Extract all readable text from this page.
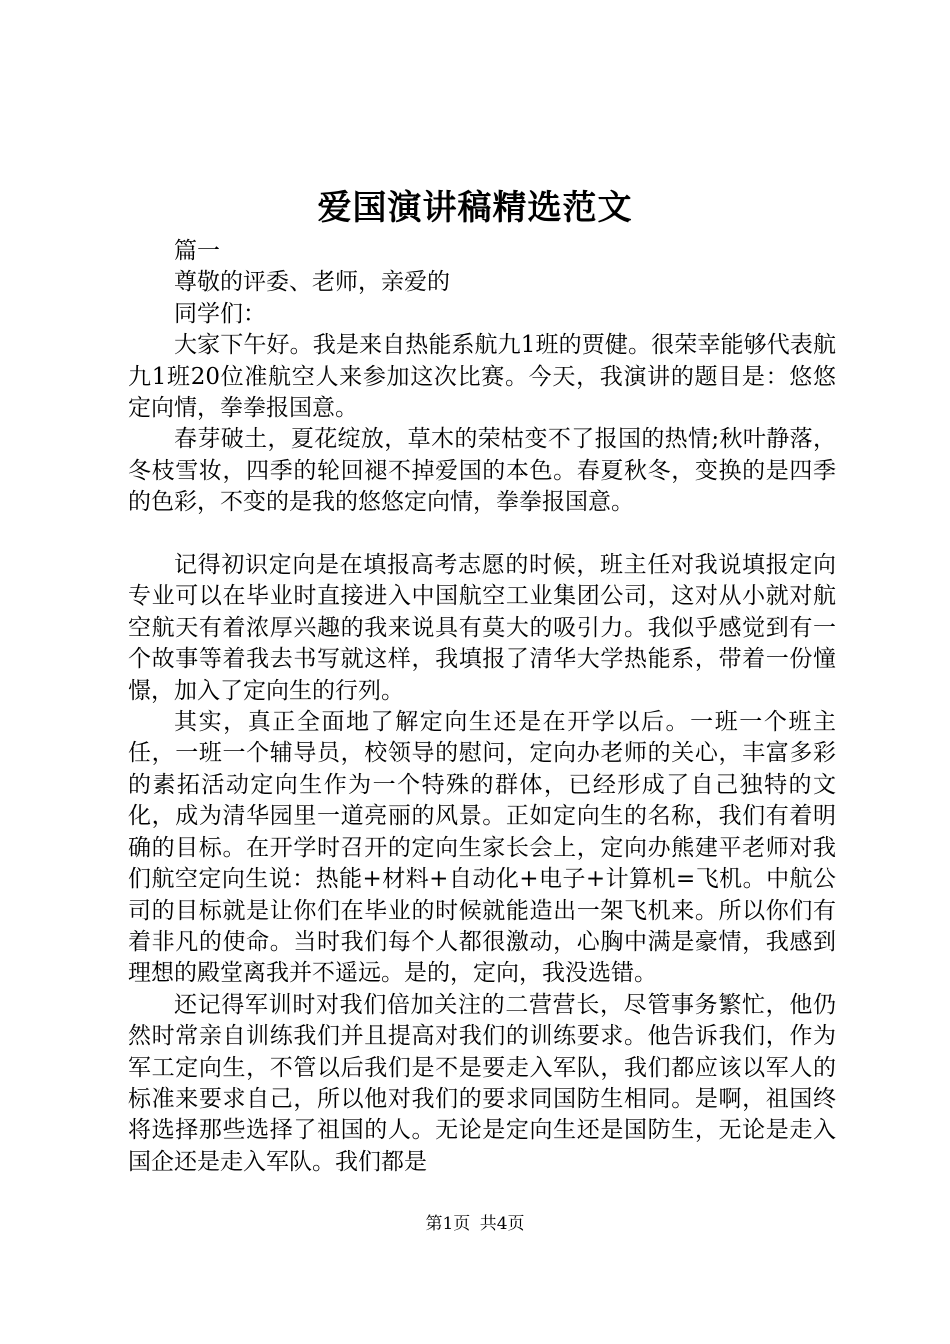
爱国演讲稿精选范文

篇一

尊敬的评委、老师，亲爱的

同学们：

大家下午好。我是来自热能系航九1班的贾健。很荣幸能够代表航九1班20位准航空人来参加这次比赛。今天，我演讲的题目是：悠悠定向情，拳拳报国意。

春芽破土，夏花绽放，草木的荣枯变不了报国的热情;秋叶静落，冬枝雪妆，四季的轮回褪不掉爱国的本色。春夏秋冬，变换的是四季的色彩，不变的是我的悠悠定向情，拳拳报国意。

记得初识定向是在填报高考志愿的时候，班主任对我说填报定向专业可以在毕业时直接进入中国航空工业集团公司，这对从小就对航空航天有着浓厚兴趣的我来说具有莫大的吸引力。我似乎感觉到有一个故事等着我去书写就这样，我填报了清华大学热能系，带着一份憧憬，加入了定向生的行列。

其实，真正全面地了解定向生还是在开学以后。一班一个班主任，一班一个辅导员，校领导的慰问，定向办老师的关心，丰富多彩的素拓活动定向生作为一个特殊的群体，已经形成了自己独特的文化，成为清华园里一道亮丽的风景。正如定向生的名称，我们有着明确的目标。在开学时召开的定向生家长会上，定向办熊建平老师对我们航空定向生说：热能+材料+自动化+电子+计算机=飞机。中航公司的目标就是让你们在毕业的时候就能造出一架飞机来。所以你们有着非凡的使命。当时我们每个人都很激动，心胸中满是豪情，我感到理想的殿堂离我并不遥远。是的，定向，我没选错。

还记得军训时对我们倍加关注的二营营长，尽管事务繁忙，他仍然时常亲自训练我们并且提高对我们的训练要求。他告诉我们，作为军工定向生，不管以后我们是不是要走入军队，我们都应该以军人的标准来要求自己，所以他对我们的要求同国防生相同。是啊，祖国终将选择那些选择了祖国的人。无论是定向生还是国防生，无论是走入国企还是走入军队。我们都是

第1页 共4页
